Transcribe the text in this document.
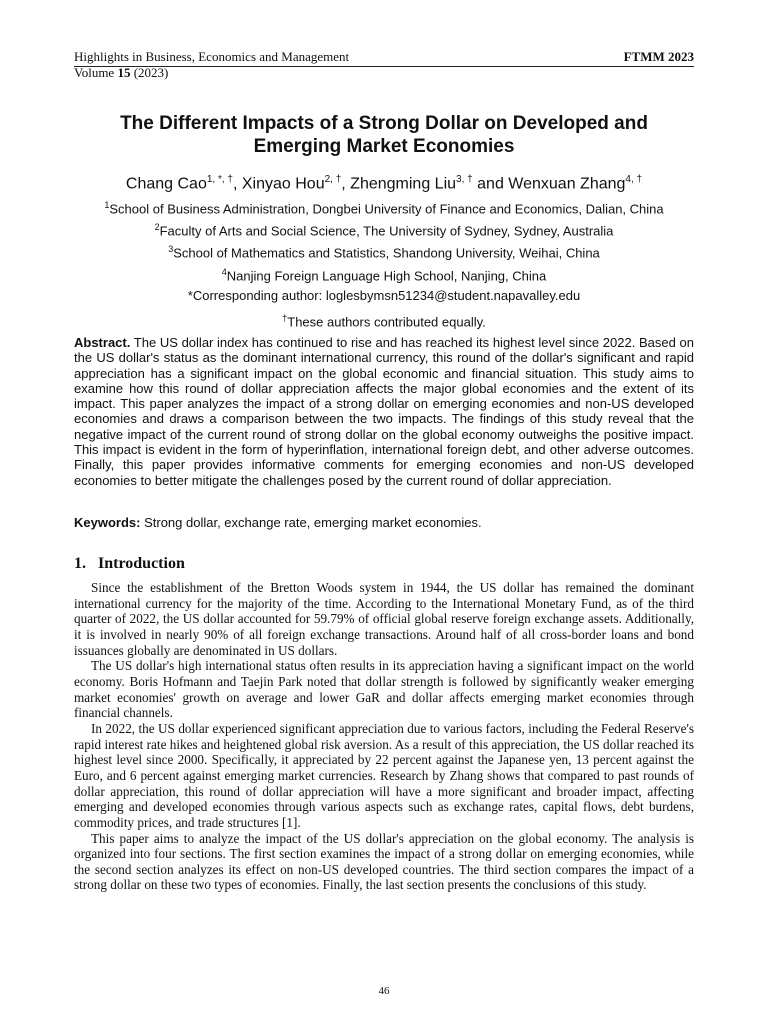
Highlights in Business, Economics and Management	FTMM 2023
Volume 15 (2023)
The Different Impacts of a Strong Dollar on Developed and
Emerging Market Economies
Chang Cao$^{1, *, \dagger}$, Xinyao Hou$^{2, \dagger}$, Zhengming Liu$^{3, \dagger}$ and Wenxuan Zhang$^{4, \dagger}$
$^1$School of Business Administration, Dongbei University of Finance and Economics, Dalian, China
$^2$Faculty of Arts and Social Science, The University of Sydney, Sydney, Australia
$^3$School of Mathematics and Statistics, Shandong University, Weihai, China
$^4$Nanjing Foreign Language High School, Nanjing, China
*Corresponding author: loglesbymsn51234@student.napavalley.edu
†These authors contributed equally.
Abstract. The US dollar index has continued to rise and has reached its highest level since 2022. Based on the US dollar's status as the dominant international currency, this round of the dollar's significant and rapid appreciation has a significant impact on the global economic and financial situation. This study aims to examine how this round of dollar appreciation affects the major global economies and the extent of its impact. This paper analyzes the impact of a strong dollar on emerging economies and non-US developed economies and draws a comparison between the two impacts. The findings of this study reveal that the negative impact of the current round of strong dollar on the global economy outweighs the positive impact. This impact is evident in the form of hyperinflation, international foreign debt, and other adverse outcomes. Finally, this paper provides informative comments for emerging economies and non-US developed economies to better mitigate the challenges posed by the current round of dollar appreciation.
Keywords: Strong dollar, exchange rate, emerging market economies.
1. Introduction

Since the establishment of the Bretton Woods system in 1944, the US dollar has remained the dominant international currency for the majority of the time. According to the International Monetary Fund, as of the third quarter of 2022, the US dollar accounted for 59.79% of official global reserve foreign exchange assets. Additionally, it is involved in nearly 90% of all foreign exchange transactions. Around half of all cross-border loans and bond issuances globally are denominated in US dollars.

The US dollar's high international status often results in its appreciation having a significant impact on the world economy. Boris Hofmann and Taejin Park noted that dollar strength is followed by significantly weaker emerging market economies' growth on average and lower GaR and dollar affects emerging market economies through financial channels.

In 2022, the US dollar experienced significant appreciation due to various factors, including the Federal Reserve's rapid interest rate hikes and heightened global risk aversion. As a result of this appreciation, the US dollar reached its highest level since 2000. Specifically, it appreciated by 22 percent against the Japanese yen, 13 percent against the Euro, and 6 percent against emerging market currencies. Research by Zhang shows that compared to past rounds of dollar appreciation, this round of dollar appreciation will have a more significant and broader impact, affecting emerging and developed economies through various aspects such as exchange rates, capital flows, debt burdens, commodity prices, and trade structures [1].

This paper aims to analyze the impact of the US dollar's appreciation on the global economy. The analysis is organized into four sections. The first section examines the impact of a strong dollar on emerging economies, while the second section analyzes its effect on non-US developed countries. The third section compares the impact of a strong dollar on these two types of economies. Finally, the last section presents the conclusions of this study.

46
